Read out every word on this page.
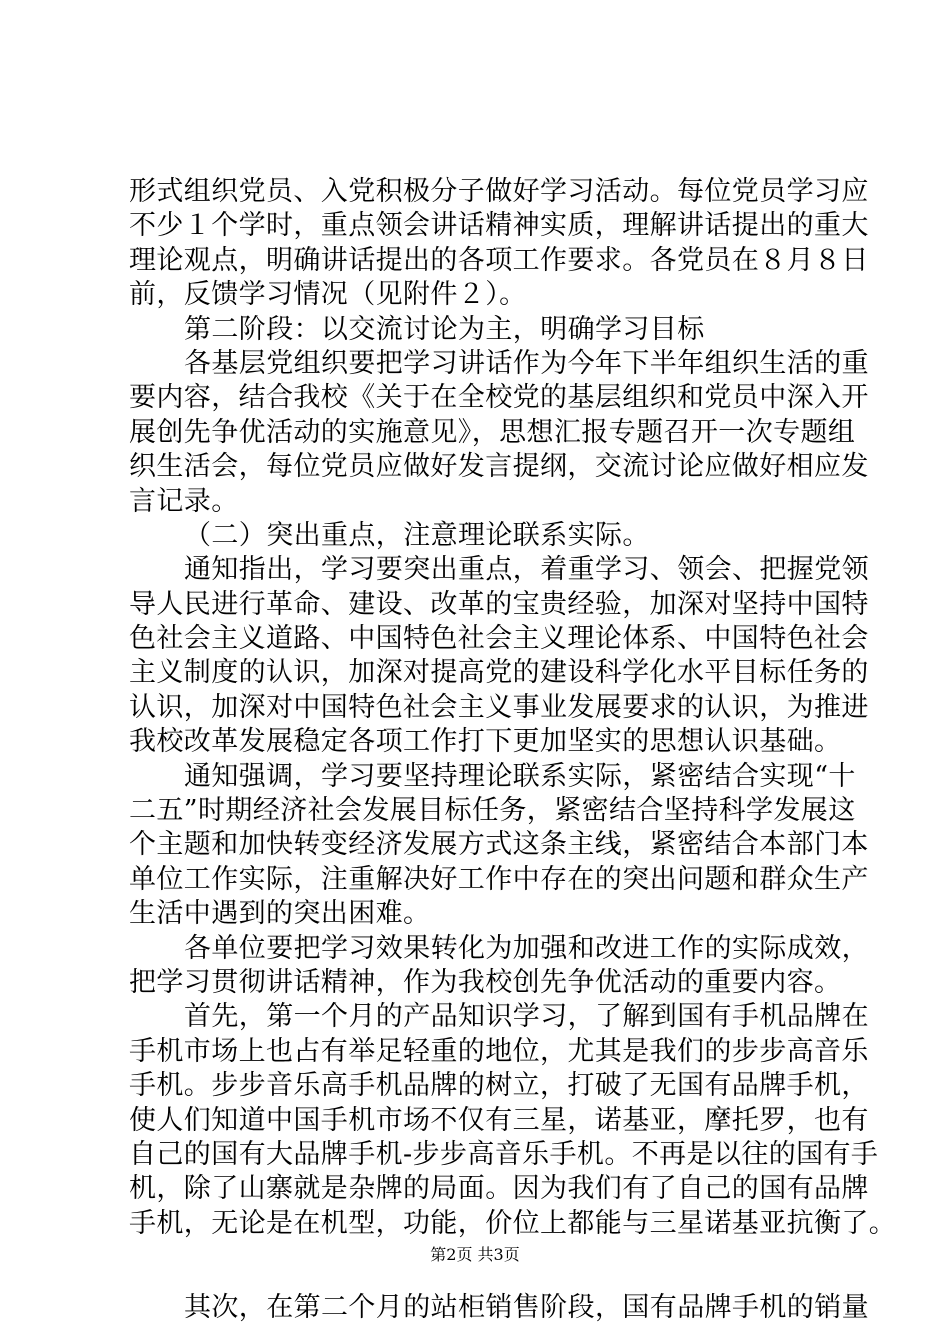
形式组织党员、入党积极分子做好学习活动。每位党员学习应
不少１个学时，重点领会讲话精神实质，理解讲话提出的重大
理论观点，明确讲话提出的各项工作要求。各党员在８月８日
前，反馈学习情况（见附件２）。
第二阶段：以交流讨论为主，明确学习目标
各基层党组织要把学习讲话作为今年下半年组织生活的重
要内容，结合我校《关于在全校党的基层组织和党员中深入开
展创先争优活动的实施意见》，思想汇报专题召开一次专题组
织生活会，每位党员应做好发言提纲，交流讨论应做好相应发
言记录。
（二）突出重点，注意理论联系实际。
通知指出，学习要突出重点，着重学习、领会、把握党领
导人民进行革命、建设、改革的宝贵经验，加深对坚持中国特
色社会主义道路、中国特色社会主义理论体系、中国特色社会
主义制度的认识，加深对提高党的建设科学化水平目标任务的
认识，加深对中国特色社会主义事业发展要求的认识，为推进
我校改革发展稳定各项工作打下更加坚实的思想认识基础。
通知强调，学习要坚持理论联系实际，紧密结合实现“十
二五”时期经济社会发展目标任务，紧密结合坚持科学发展这
个主题和加快转变经济发展方式这条主线，紧密结合本部门本
单位工作实际，注重解决好工作中存在的突出问题和群众生产
生活中遇到的突出困难。
各单位要把学习效果转化为加强和改进工作的实际成效，
把学习贯彻讲话精神，作为我校创先争优活动的重要内容。
首先，第一个月的产品知识学习，了解到国有手机品牌在
手机市场上也占有举足轻重的地位，尤其是我们的步步高音乐
手机。步步音乐高手机品牌的树立，打破了无国有品牌手机，
使人们知道中国手机市场不仅有三星，诺基亚，摩托罗，也有
自己的国有大品牌手机-步步高音乐手机。不再是以往的国有手
机，除了山寨就是杂牌的局面。因为我们有了自己的国有品牌
手机，无论是在机型，功能，价位上都能与三星诺基亚抗衡了。
其次，在第二个月的站柜销售阶段，国有品牌手机的销量
第2页 共3页
